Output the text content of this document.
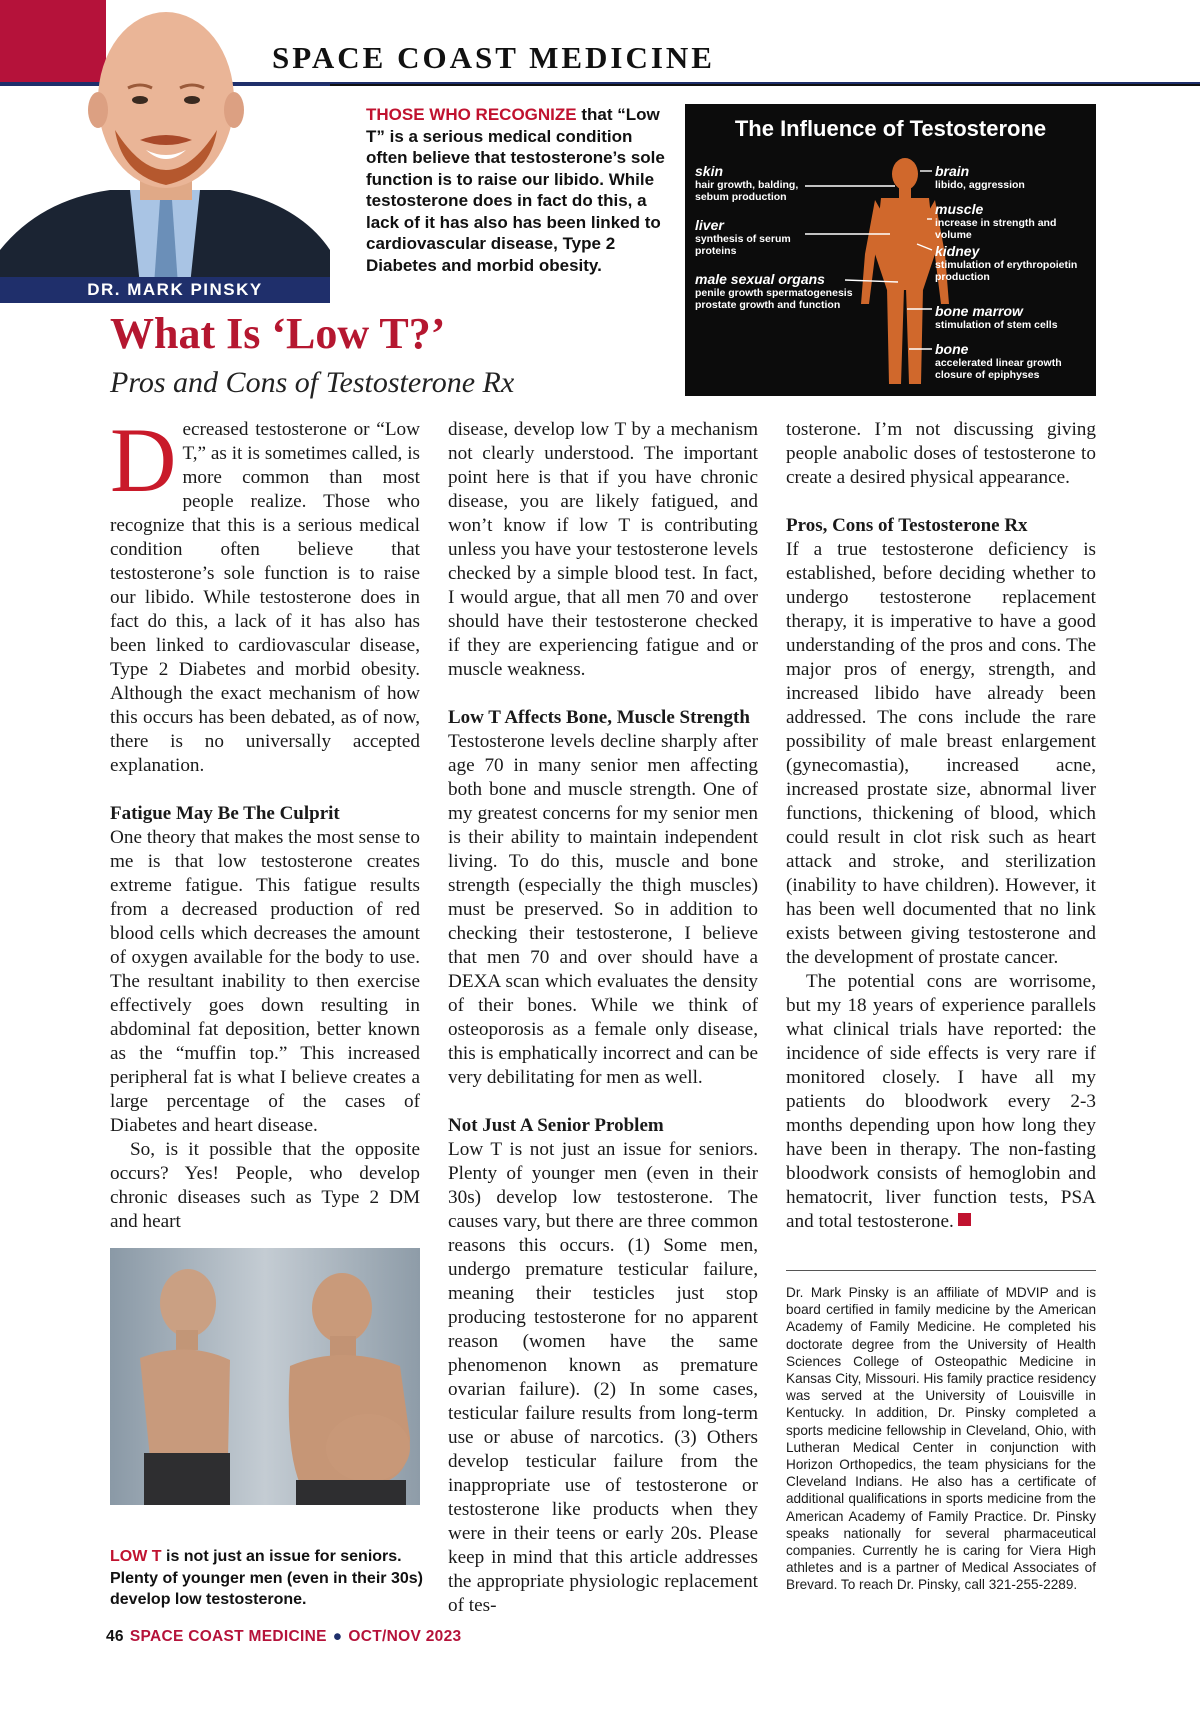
DR. MARK PINSKY
SPACE COAST MEDICINE
THOSE WHO RECOGNIZE that “Low T” is a serious medical condition often believe that testosterone’s sole function is to raise our libido. While testosterone does in fact do this, a lack of it has also has been linked to cardiovascular disease, Type 2 Diabetes and morbid obesity.
The Influence of Testosterone
skin
hair growth, balding, sebum production
liver
synthesis of serum proteins
male sexual organs
penile growth spermatogenesis prostate growth and function
brain
libido, aggression
muscle
increase in strength and volume
kidney
stimulation of erythropoietin production
bone marrow
stimulation of stem cells
bone
accelerated linear growth closure of epiphyses
What Is ‘Low T?’
Pros and Cons of Testosterone Rx

Decreased testosterone or “Low T,” as it is sometimes called, is more common than most people realize. Those who recognize that this is a serious medical condition often believe that testosterone’s sole function is to raise our libido. While testosterone does in fact do this, a lack of it has also has been linked to cardiovascular disease, Type 2 Diabetes and morbid obesity. Although the exact mechanism of how this occurs has been debated, as of now, there is no universally accepted explanation.

Fatigue May Be The Culprit

One theory that makes the most sense to me is that low testosterone creates extreme fatigue. This fatigue results from a decreased production of red blood cells which decreases the amount of oxygen available for the body to use. The resultant inability to then exercise effectively goes down resulting in abdominal fat deposition, better known as the “muffin top.” This increased peripheral fat is what I believe creates a large percentage of the cases of Diabetes and heart disease.

So, is it possible that the opposite occurs? Yes! People, who develop chronic diseases such as Type 2 DM and heart

LOW T is not just an issue for seniors. Plenty of younger men (even in their 30s) develop low testosterone.

disease, develop low T by a mechanism not clearly understood. The important point here is that if you have chronic disease, you are likely fatigued, and won’t know if low T is contributing unless you have your testosterone levels checked by a simple blood test. In fact, I would argue, that all men 70 and over should have their testosterone checked if they are experiencing fatigue and or muscle weakness.

Low T Affects Bone, Muscle Strength

Testosterone levels decline sharply after age 70 in many senior men affecting both bone and muscle strength. One of my greatest concerns for my senior men is their ability to maintain independent living. To do this, muscle and bone strength (especially the thigh muscles) must be preserved. So in addition to checking their testosterone, I believe that men 70 and over should have a DEXA scan which evaluates the density of their bones. While we think of osteoporosis as a female only disease, this is emphatically incorrect and can be very debilitating for men as well.

Not Just A Senior Problem

Low T is not just an issue for seniors. Plenty of younger men (even in their 30s) develop low testosterone. The causes vary, but there are three common reasons this occurs. (1) Some men, undergo premature testicular failure, meaning their testicles just stop producing testosterone for no apparent reason (women have the same phenomenon known as premature ovarian failure). (2) In some cases, testicular failure results from long-term use or abuse of narcotics. (3) Others develop testicular failure from the inappropriate use of testosterone or testosterone like products when they were in their teens or early 20s. Please keep in mind that this article addresses the appropriate physiologic replacement of tes-

tosterone. I’m not discussing giving people anabolic doses of testosterone to create a desired physical appearance.

Pros, Cons of Testosterone Rx

If a true testosterone deficiency is established, before deciding whether to undergo testosterone replacement therapy, it is imperative to have a good understanding of the pros and cons. The major pros of energy, strength, and increased libido have already been addressed. The cons include the rare possibility of male breast enlargement (gynecomastia), increased acne, increased prostate size, abnormal liver functions, thickening of blood, which could result in clot risk such as heart attack and stroke, and sterilization (inability to have children). However, it has been well documented that no link exists between giving testosterone and the development of prostate cancer.

The potential cons are worrisome, but my 18 years of experience parallels what clinical trials have reported: the incidence of side effects is very rare if monitored closely. I have all my patients do bloodwork every 2-3 months depending upon how long they have been in therapy. The non-fasting bloodwork consists of hemoglobin and hematocrit, liver function tests, PSA and total testosterone.

Dr. Mark Pinsky is an affiliate of MDVIP and is board certified in family medicine by the American Academy of Family Medicine. He completed his doctorate degree from the University of Health Sciences College of Osteopathic Medicine in Kansas City, Missouri. His family practice residency was served at the University of Louisville in Kentucky. In addition, Dr. Pinsky completed a sports medicine fellowship in Cleveland, Ohio, with Lutheran Medical Center in conjunction with Horizon Orthopedics, the team physicians for the Cleveland Indians. He also has a certificate of additional qualifications in sports medicine from the American Academy of Family Practice. Dr. Pinsky speaks nationally for several pharmaceutical companies. Currently he is caring for Viera High athletes and is a partner of Medical Associates of Brevard. To reach Dr. Pinsky, call 321-255-2289.
46 SPACE COAST MEDICINE ● OCT/NOV 2023
